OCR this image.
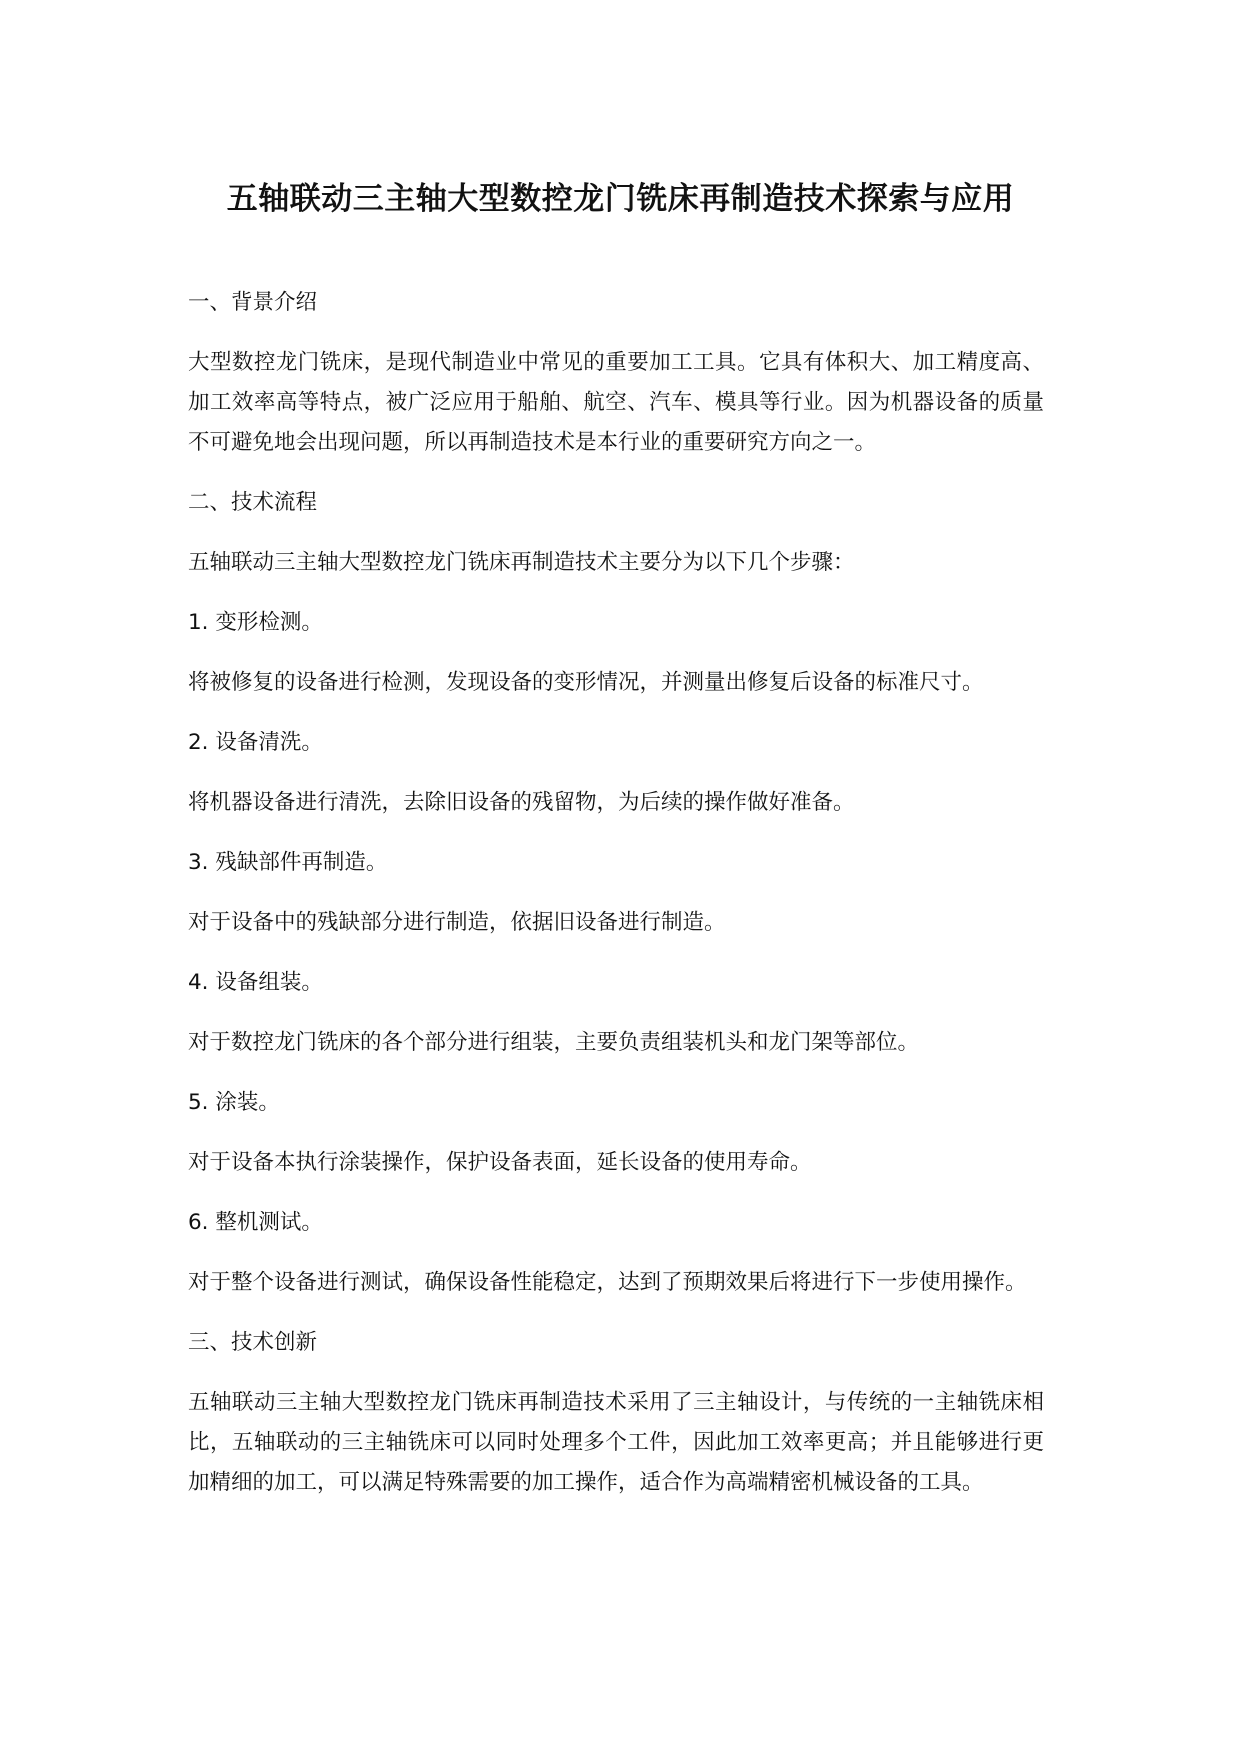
五轴联动三主轴大型数控龙门铣床再制造技术探索与应用

一、背景介绍

大型数控龙门铣床，是现代制造业中常见的重要加工工具。它具有体积大、加工精度高、加工效率高等特点，被广泛应用于船舶、航空、汽车、模具等行业。因为机器设备的质量不可避免地会出现问题，所以再制造技术是本行业的重要研究方向之一。

二、技术流程

五轴联动三主轴大型数控龙门铣床再制造技术主要分为以下几个步骤：

1. 变形检测。

将被修复的设备进行检测，发现设备的变形情况，并测量出修复后设备的标准尺寸。

2. 设备清洗。

将机器设备进行清洗，去除旧设备的残留物，为后续的操作做好准备。

3. 残缺部件再制造。

对于设备中的残缺部分进行制造，依据旧设备进行制造。

4. 设备组装。

对于数控龙门铣床的各个部分进行组装，主要负责组装机头和龙门架等部位。

5. 涂装。

对于设备本执行涂装操作，保护设备表面，延长设备的使用寿命。

6. 整机测试。

对于整个设备进行测试，确保设备性能稳定，达到了预期效果后将进行下一步使用操作。

三、技术创新

五轴联动三主轴大型数控龙门铣床再制造技术采用了三主轴设计，与传统的一主轴铣床相比，五轴联动的三主轴铣床可以同时处理多个工件，因此加工效率更高；并且能够进行更加精细的加工，可以满足特殊需要的加工操作，适合作为高端精密机械设备的工具。
